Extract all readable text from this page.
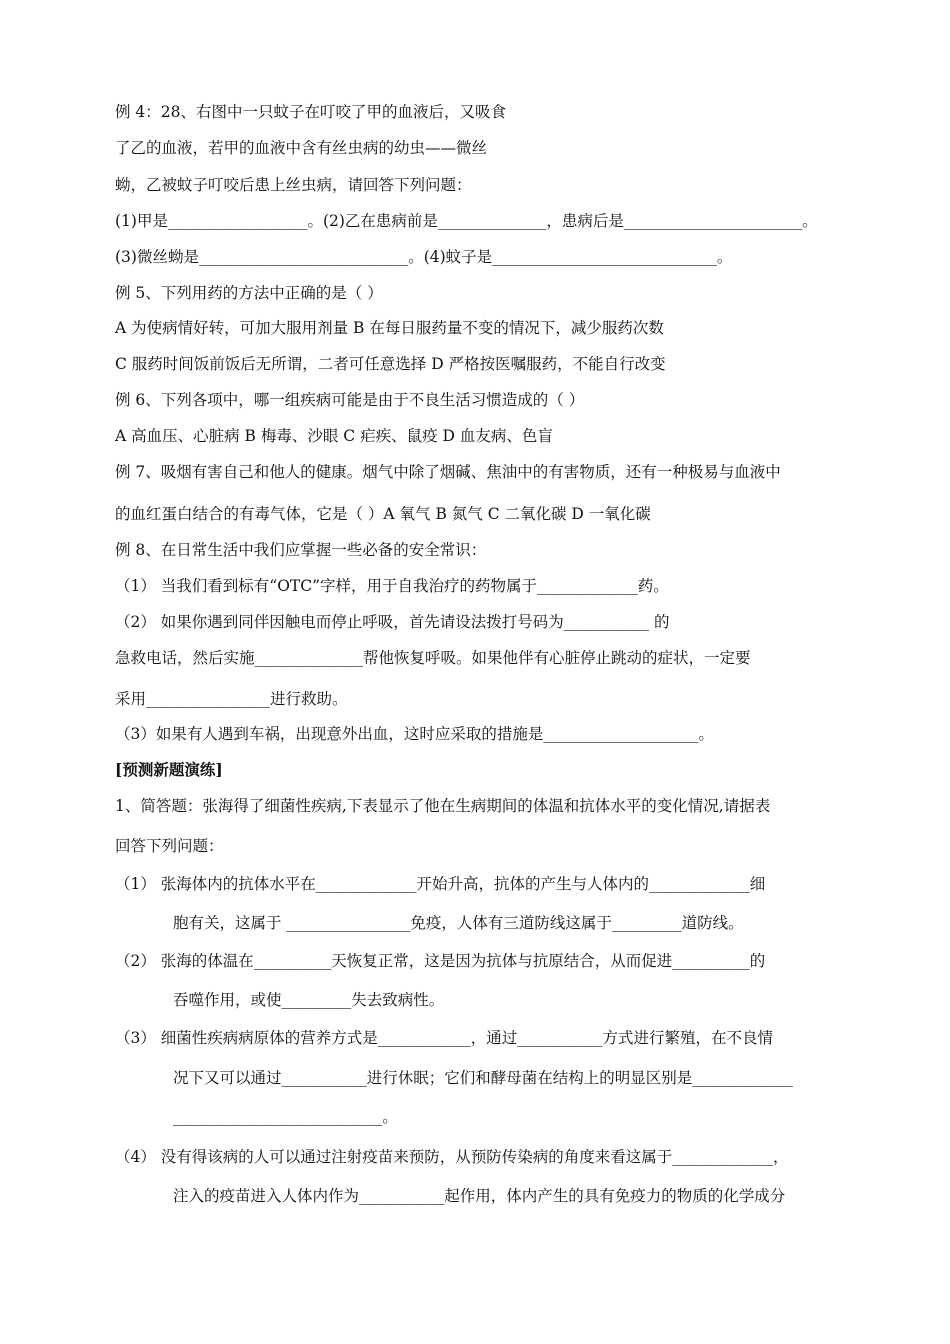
例 4：28、右图中一只蚊子在叮咬了甲的血液后，又吸食
了乙的血液，若甲的血液中含有丝虫病的幼虫——微丝
蚴，乙被蚊子叮咬后患上丝虫病，请回答下列问题：
(1)甲是__________________。(2)乙在患病前是______________，患病后是_______________________。
(3)微丝蚴是___________________________。(4)蚊子是_____________________________。
例 5、下列用药的方法中正确的是（ ）
A 为使病情好转，可加大服用剂量 B 在每日服药量不变的情况下，减少服药次数
C 服药时间饭前饭后无所谓，二者可任意选择 D 严格按医嘱服药，不能自行改变
例 6、下列各项中，哪一组疾病可能是由于不良生活习惯造成的（ ）
A 高血压、心脏病 B 梅毒、沙眼 C 疟疾、鼠疫 D 血友病、色盲
例 7、吸烟有害自己和他人的健康。烟气中除了烟碱、焦油中的有害物质，还有一种极易与血液中
的血红蛋白结合的有毒气体，它是（ ）A 氧气 B 氮气 C 二氧化碳 D 一氧化碳
例 8、在日常生活中我们应掌握一些必备的安全常识：
（1） 当我们看到标有“OTC”字样，用于自我治疗的药物属于_____________药。
（2） 如果你遇到同伴因触电而停止呼吸，首先请设法拨打号码为___________ 的
急救电话，然后实施______________帮他恢复呼吸。如果他伴有心脏停止跳动的症状，一定要
采用________________进行救助。
（3）如果有人遇到车祸，出现意外出血，这时应采取的措施是____________________。
[预测新题演练]
1、简答题：张海得了细菌性疾病,下表显示了他在生病期间的体温和抗体水平的变化情况,请据表
回答下列问题：
（1） 张海体内的抗体水平在_____________开始升高，抗体的产生与人体内的_____________细
胞有关，这属于 ________________免疫，人体有三道防线这属于_________道防线。
（2） 张海的体温在__________天恢复正常，这是因为抗体与抗原结合，从而促进__________的
吞噬作用，或使_________失去致病性。
（3） 细菌性疾病病原体的营养方式是____________，通过___________方式进行繁殖，在不良情
况下又可以通过___________进行休眠；它们和酵母菌在结构上的明显区别是_____________
___________________________。
（4） 没有得该病的人可以通过注射疫苗来预防，从预防传染病的角度来看这属于_____________，
注入的疫苗进入人体内作为___________起作用，体内产生的具有免疫力的物质的化学成分
